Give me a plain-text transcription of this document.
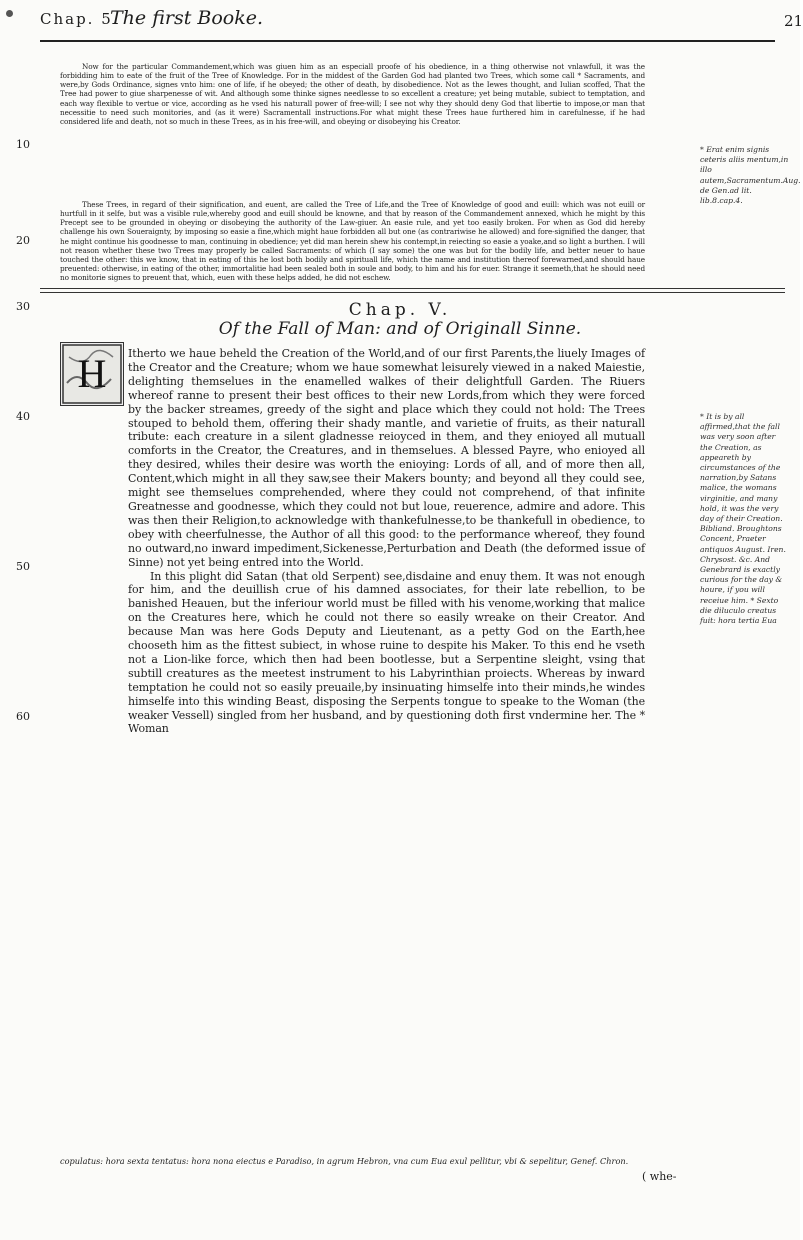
Chap. 5.
The first Booke.	21

Now for the particular Commandement,which was giuen him as an especiall proofe of his obedience, in a thing otherwise not vnlawfull, it was the forbidding him to eate of the fruit of the Tree of Knowledge. For in the middest of the Garden God had planted two Trees, which some call * Sacraments, and were,by Gods Ordinance, signes vnto him: one of life, if he obeyed; the other of death, by disobedience. Not as the Iewes thought, and Iulian scoffed, That the Tree had power to giue sharpenesse of wit. And although some thinke signes needlesse to so excellent a creature; yet being mutable, subiect to temptation, and each way flexible to vertue or vice, according as he vsed his naturall power of free-will; I see not why they should deny God that libertie to impose,or man that necessitie to need such monitories, and (as it were) Sacramentall instructions.For what might these Trees haue furthered him in carefulnesse, if he had considered life and death, not so much in these Trees, as in his free-will, and obeying or disobeying his Creator.

These Trees, in regard of their signification, and euent, are called the Tree of Life,and the Tree of Knowledge of good and euill: which was not euill or hurtfull in it selfe, but was a visible rule,whereby good and euill should be knowne, and that by reason of the Commandement annexed, which he might by this Precept see to be grounded in obeying or disobeying the authority of the Law-giuer. An easie rule, and yet too easily broken. For when as God did hereby challenge his own Soueraignty, by imposing so easie a fine,which might haue forbidden all but one (as contrariwise he allowed) and fore-signified the danger, that he might continue his goodnesse to man, continuing in obedience; yet did man herein shew his contempt,in reiecting so easie a yoake,and so light a burthen. I will not reason whether these two Trees may properly be called Sacraments: of which (I say some) the one was but for the bodily life, and better neuer to haue touched the other: this we know, that in eating of this he lost both bodily and spirituall life, which the name and institution thereof forewarned,and should haue preuented: otherwise, in eating of the other, immortalitie had been sealed both in soule and body, to him and his for euer. Strange it seemeth,that he should need no monitorie signes to preuent that, which, euen with these helps added, he did not eschew.

10
20
* Erat enim signis ceteris aliis mentum,in illo autem,Sacramentum.Aug. de Gen.ad lit. lib.8.cap.4.
30	Chap. V.
Of the Fall of Man: and of Originall Sinne.
H Itherto we haue beheld the Creation of the World,and of our first Parents,the liuely Images of the Creator and the Creature; whom we haue somewhat leisurely viewed in a naked Maiestie, delighting themselues in the enamelled walkes of their delightfull Garden. The Riuers whereof ranne to present their best offices to their new Lords,from which they were forced by the backer streames, greedy of the sight and place which they could not hold: The Trees stouped to behold them, offering their shady mantle, and varietie of fruits, as their naturall tribute: each creature in a silent gladnesse reioyced in them, and they enioyed all mutuall comforts in the Creator, the Creatures, and in themselues. A blessed Payre, who enioyed all they desired, whiles their desire was worth the enioying: Lords of all, and of more then all, Content,which might in all they saw,see their Makers bounty; and beyond all they could see, might see themselues comprehended, where they could not comprehend, of that infinite Greatnesse and goodnesse, which they could not but loue, reuerence, admire and adore. This was then their Religion,to acknowledge with thankefulnesse,to be thankefull in obedience, to obey with cheerfulnesse, the Author of all this good: to the performance whereof, they found no outward,no inward impediment,Sickenesse,Perturbation and Death (the deformed issue of Sinne) not yet being entred into the World.

In this plight did Satan (that old Serpent) see,disdaine and enuy them. It was not enough for him, and the deuillish crue of his damned associates, for their late rebellion, to be banished Heauen, but the inferiour world must be filled with his venome,working that malice on the Creatures here, which he could not there so easily wreake on their Creator. And because Man was here Gods Deputy and Lieutenant, as a petty God on the Earth,hee chooseth him as the fittest subiect, in whose ruine to despite his Maker. To this end he vseth not a Lion-like force, which then had been bootlesse, but a Serpentine sleight, vsing that subtill creatures as the meetest instrument to his Labyrinthian proiects. Whereas by inward temptation he could not so easily preuaile,by insinuating himselfe into their minds,he windes himselfe into this winding Beast, disposing the Serpents tongue to speake to the Woman (the weaker Vessell) singled from her husband, and by questioning doth first vndermine her. The * Woman

40
50
60
* It is by all affirmed,that the fall was very soon after the Creation, as appeareth by circumstances of the narration,by Satans malice, the womans virginitie, and many hold, it was the very day of their Creation. Bibliand. Broughtons Concent, Praeter antiquos August. Iren. Chrysost. &c. And Genebrard is exactly curious for the day & houre, if you will receiue him. * Sexto die diluculo creatus fuit: hora tertia Eua
copulatus: hora sexta tentatus: hora nona eiectus e Paradiso, in agrum Hebron, vna cum Eua exul pellitur, vbi & sepelitur, Genef. Chron.
( whe-
